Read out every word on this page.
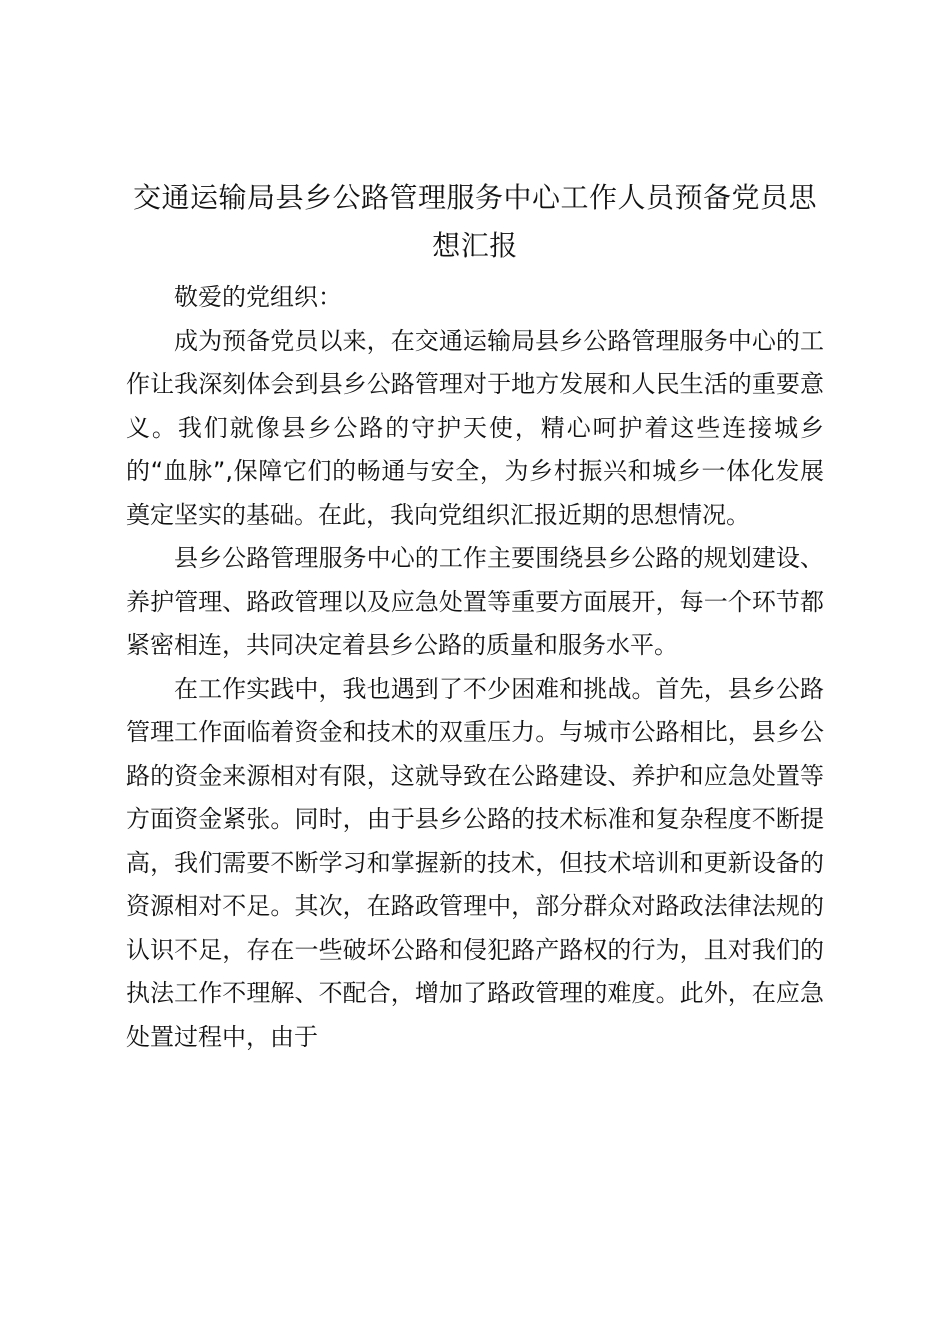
交通运输局县乡公路管理服务中心工作人员预备党员思想汇报

敬爱的党组织：

成为预备党员以来，在交通运输局县乡公路管理服务中心的工作让我深刻体会到县乡公路管理对于地方发展和人民生活的重要意义。我们就像县乡公路的守护天使，精心呵护着这些连接城乡的“血脉”,保障它们的畅通与安全，为乡村振兴和城乡一体化发展奠定坚实的基础。在此，我向党组织汇报近期的思想情况。

县乡公路管理服务中心的工作主要围绕县乡公路的规划建设、养护管理、路政管理以及应急处置等重要方面展开，每一个环节都紧密相连，共同决定着县乡公路的质量和服务水平。

在工作实践中，我也遇到了不少困难和挑战。首先，县乡公路管理工作面临着资金和技术的双重压力。与城市公路相比，县乡公路的资金来源相对有限，这就导致在公路建设、养护和应急处置等方面资金紧张。同时，由于县乡公路的技术标准和复杂程度不断提高，我们需要不断学习和掌握新的技术，但技术培训和更新设备的资源相对不足。其次，在路政管理中，部分群众对路政法律法规的认识不足，存在一些破坏公路和侵犯路产路权的行为，且对我们的执法工作不理解、不配合，增加了路政管理的难度。此外，在应急处置过程中，由于
